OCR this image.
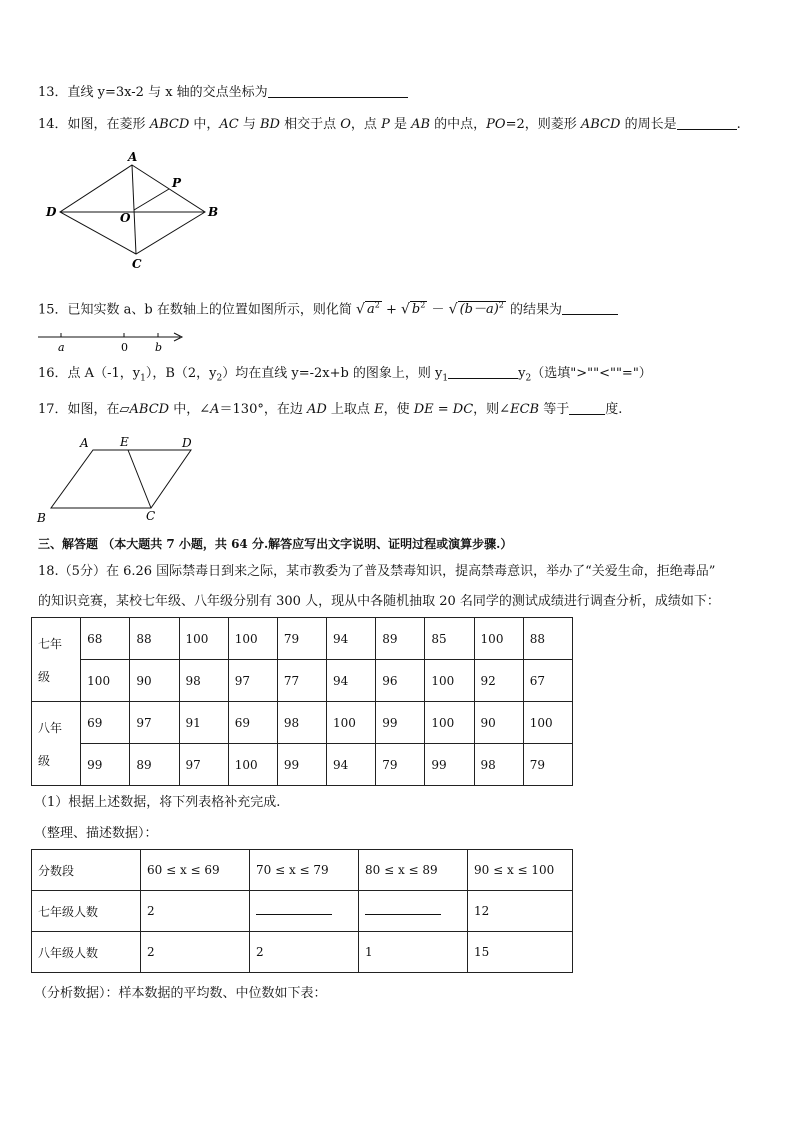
13．直线 y=3x-2 与 x 轴的交点坐标为
14．如图，在菱形 ABCD 中，AC 与 BD 相交于点 O，点 P 是 AB 的中点，PO=2，则菱形 ABCD 的周长是	.
A
B
C
D	O
P
15．已知实数 a、b 在数轴上的位置如图所示，则化简 √ $a^2$ + √ $b^2$ － √ $(b-a)^2$ 的结果为
a	0 b
16．点 A（-1，$y_1$），B（2，$y_2$）均在直线 y=-2x+b 的图象上，则 $y_1$	$y_2$（选填">""<""="）
17．如图，在▱ABCD 中，∠A＝130°，在边 AD 上取点 E，使 DE = DC，则∠ECB 等于	度.
A	E	D
B	C
三、解答题 （本大题共 7 小题，共 64 分.解答应写出文字说明、证明过程或演算步骤.）
18.（5分）在 6.26 国际禁毒日到来之际，某市教委为了普及禁毒知识，提高禁毒意识，举办了“关爱生命，拒绝毒品”
的知识竞赛，某校七年级、八年级分别有 300 人，现从中各随机抽取 20 名同学的测试成绩进行调查分析，成绩如下：
七年
级	68	88	100	100	79	94	89	85	100	88
	100	90	98	97	77	94	96	100	92	67

八年
级	69	97	91	69	98	100	99	100	90	100
	99	89	97	100	99	94	79	99	98	79
（1）根据上述数据，将下列表格补充完成.
（整理、描述数据）：
分数段	60 ≤ x ≤ 69	70 ≤ x ≤ 79	80 ≤ x ≤ 89	90 ≤ x ≤ 100
七年级人数	2			12
八年级人数	2	2	1	15
（分析数据）：样本数据的平均数、中位数如下表：
